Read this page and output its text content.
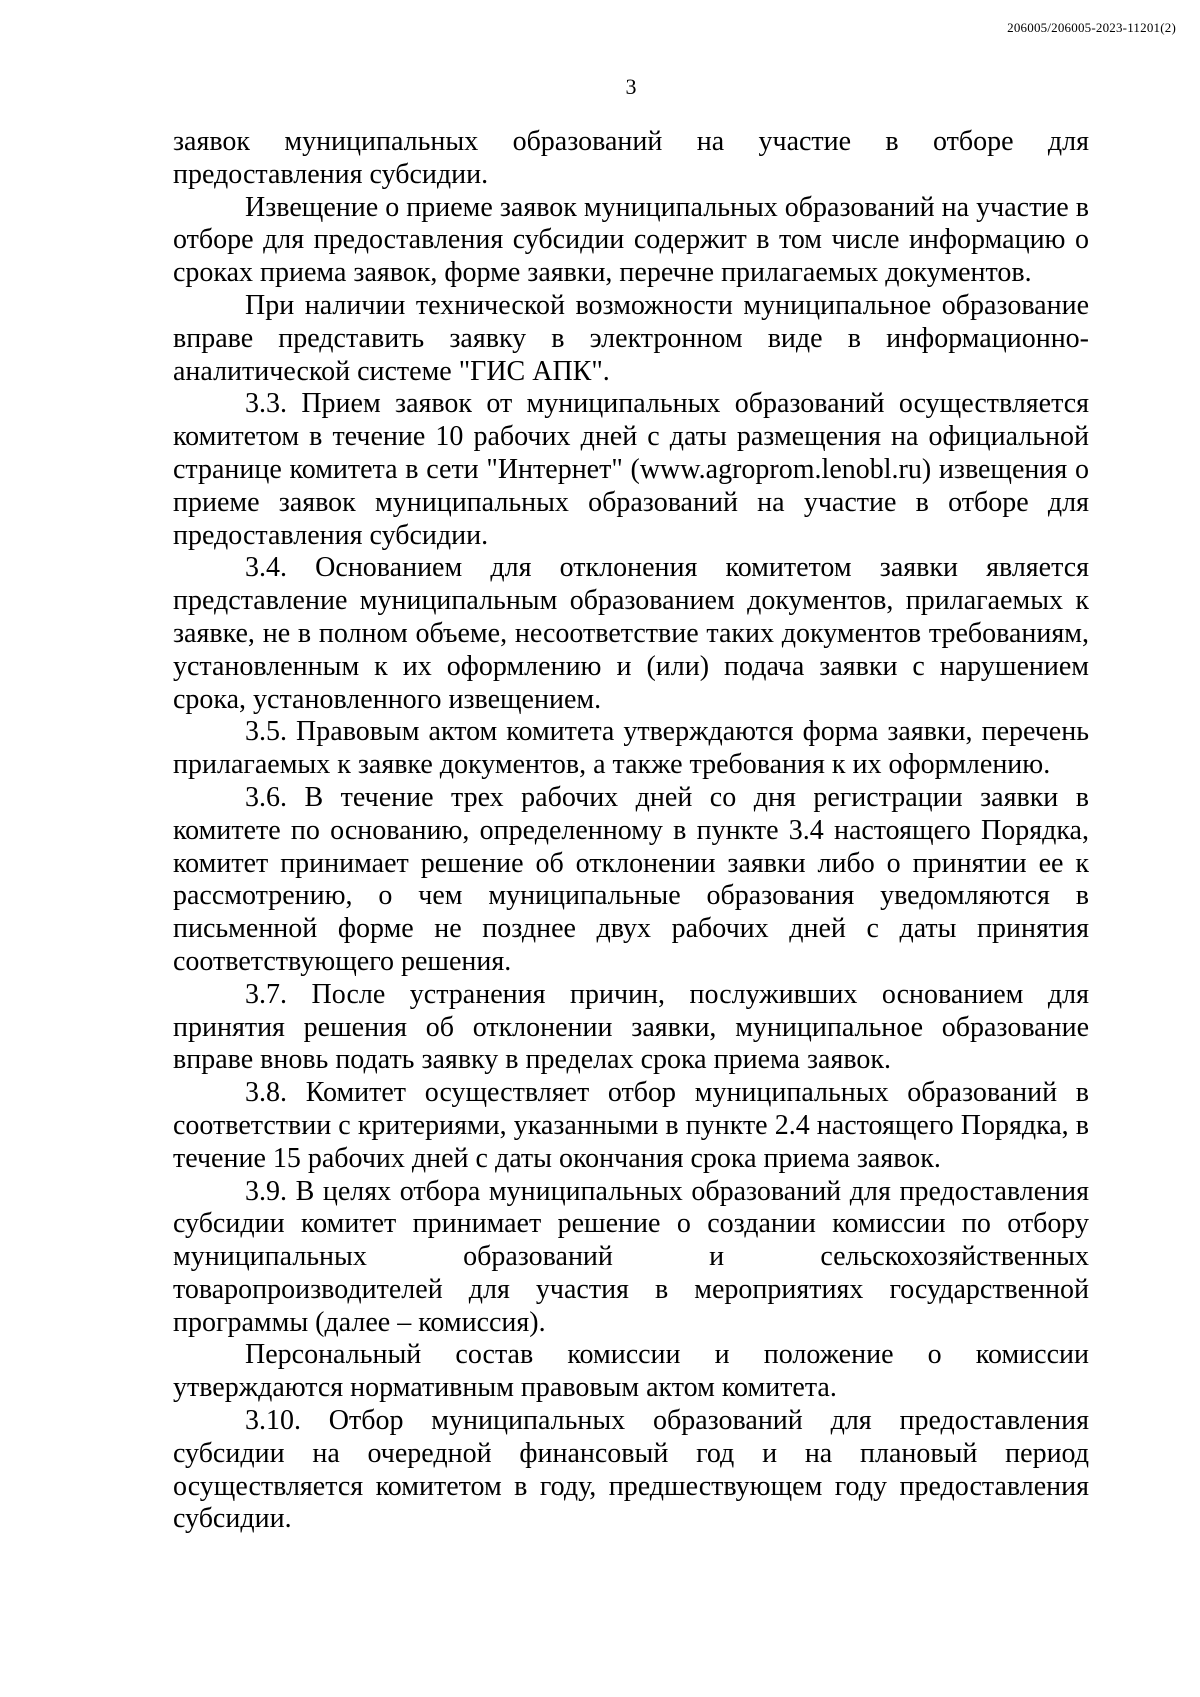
206005/206005-2023-11201(2)
3

заявок муниципальных образований на участие в отборе для предоставления субсидии.

Извещение о приеме заявок муниципальных образований на участие в отборе для предоставления субсидии содержит в том числе информацию о сроках приема заявок, форме заявки, перечне прилагаемых документов.

При наличии технической возможности муниципальное образование вправе представить заявку в электронном виде в информационно-аналитической системе "ГИС АПК".

3.3. Прием заявок от муниципальных образований осуществляется комитетом в течение 10 рабочих дней с даты размещения на официальной странице комитета в сети "Интернет" (www.agroprom.lenobl.ru) извещения о приеме заявок муниципальных образований на участие в отборе для предоставления субсидии.

3.4. Основанием для отклонения комитетом заявки является представление муниципальным образованием документов, прилагаемых к заявке, не в полном объеме, несоответствие таких документов требованиям, установленным к их оформлению и (или) подача заявки с нарушением срока, установленного извещением.

3.5. Правовым актом комитета утверждаются форма заявки, перечень прилагаемых к заявке документов, а также требования к их оформлению.

3.6. В течение трех рабочих дней со дня регистрации заявки в комитете по основанию, определенному в пункте 3.4 настоящего Порядка, комитет принимает решение об отклонении заявки либо о принятии ее к рассмотрению, о чем муниципальные образования уведомляются в письменной форме не позднее двух рабочих дней с даты принятия соответствующего решения.

3.7. После устранения причин, послуживших основанием для принятия решения об отклонении заявки, муниципальное образование вправе вновь подать заявку в пределах срока приема заявок.

3.8. Комитет осуществляет отбор муниципальных образований в соответствии с критериями, указанными в пункте 2.4 настоящего Порядка, в течение 15 рабочих дней с даты окончания срока приема заявок.

3.9. В целях отбора муниципальных образований для предоставления субсидии комитет принимает решение о создании комиссии по отбору муниципальных образований и сельскохозяйственных товаропроизводителей для участия в мероприятиях государственной программы (далее – комиссия).

Персональный состав комиссии и положение о комиссии утверждаются нормативным правовым актом комитета.

3.10. Отбор муниципальных образований для предоставления субсидии на очередной финансовый год и на плановый период осуществляется комитетом в году, предшествующем году предоставления субсидии.
